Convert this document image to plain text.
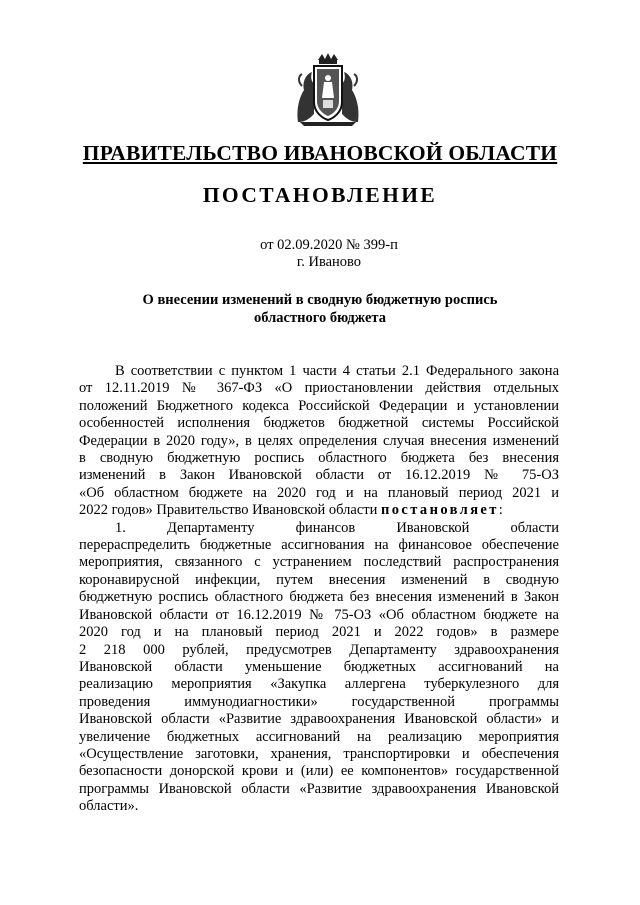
ПРАВИТЕЛЬСТВО ИВАНОВСКОЙ ОБЛАСТИ
ПОСТАНОВЛЕНИЕ
от 02.09.2020 № 399-п
г. Иваново
О внесении изменений в сводную бюджетную роспись
областного бюджета
В соответствии с пунктом 1 части 4 статьи 2.1 Федерального закона
от 12.11.2019 № 367-ФЗ «О приостановлении действия отдельных
положений Бюджетного кодекса Российской Федерации и установлении
особенностей исполнения бюджетов бюджетной системы Российской
Федерации в 2020 году», в целях определения случая внесения изменений
в сводную бюджетную роспись областного бюджета без внесения
изменений в Закон Ивановской области от 16.12.2019 № 75-ОЗ
«Об областном бюджете на 2020 год и на плановый период 2021 и
2022 годов» Правительство Ивановской области постановляет:
1. Департаменту финансов Ивановской области
перераспределить бюджетные ассигнования на финансовое обеспечение
мероприятия, связанного с устранением последствий распространения
коронавирусной инфекции, путем внесения изменений в сводную
бюджетную роспись областного бюджета без внесения изменений в Закон
Ивановской области от 16.12.2019 № 75-ОЗ «Об областном бюджете на
2020 год и на плановый период 2021 и 2022 годов» в размере
2 218 000 рублей, предусмотрев Департаменту здравоохранения
Ивановской области уменьшение бюджетных ассигнований на
реализацию мероприятия «Закупка аллергена туберкулезного для
проведения иммунодиагностики» государственной программы
Ивановской области «Развитие здравоохранения Ивановской области» и
увеличение бюджетных ассигнований на реализацию мероприятия
«Осуществление заготовки, хранения, транспортировки и обеспечения
безопасности донорской крови и (или) ее компонентов» государственной
программы Ивановской области «Развитие здравоохранения Ивановской
области».
